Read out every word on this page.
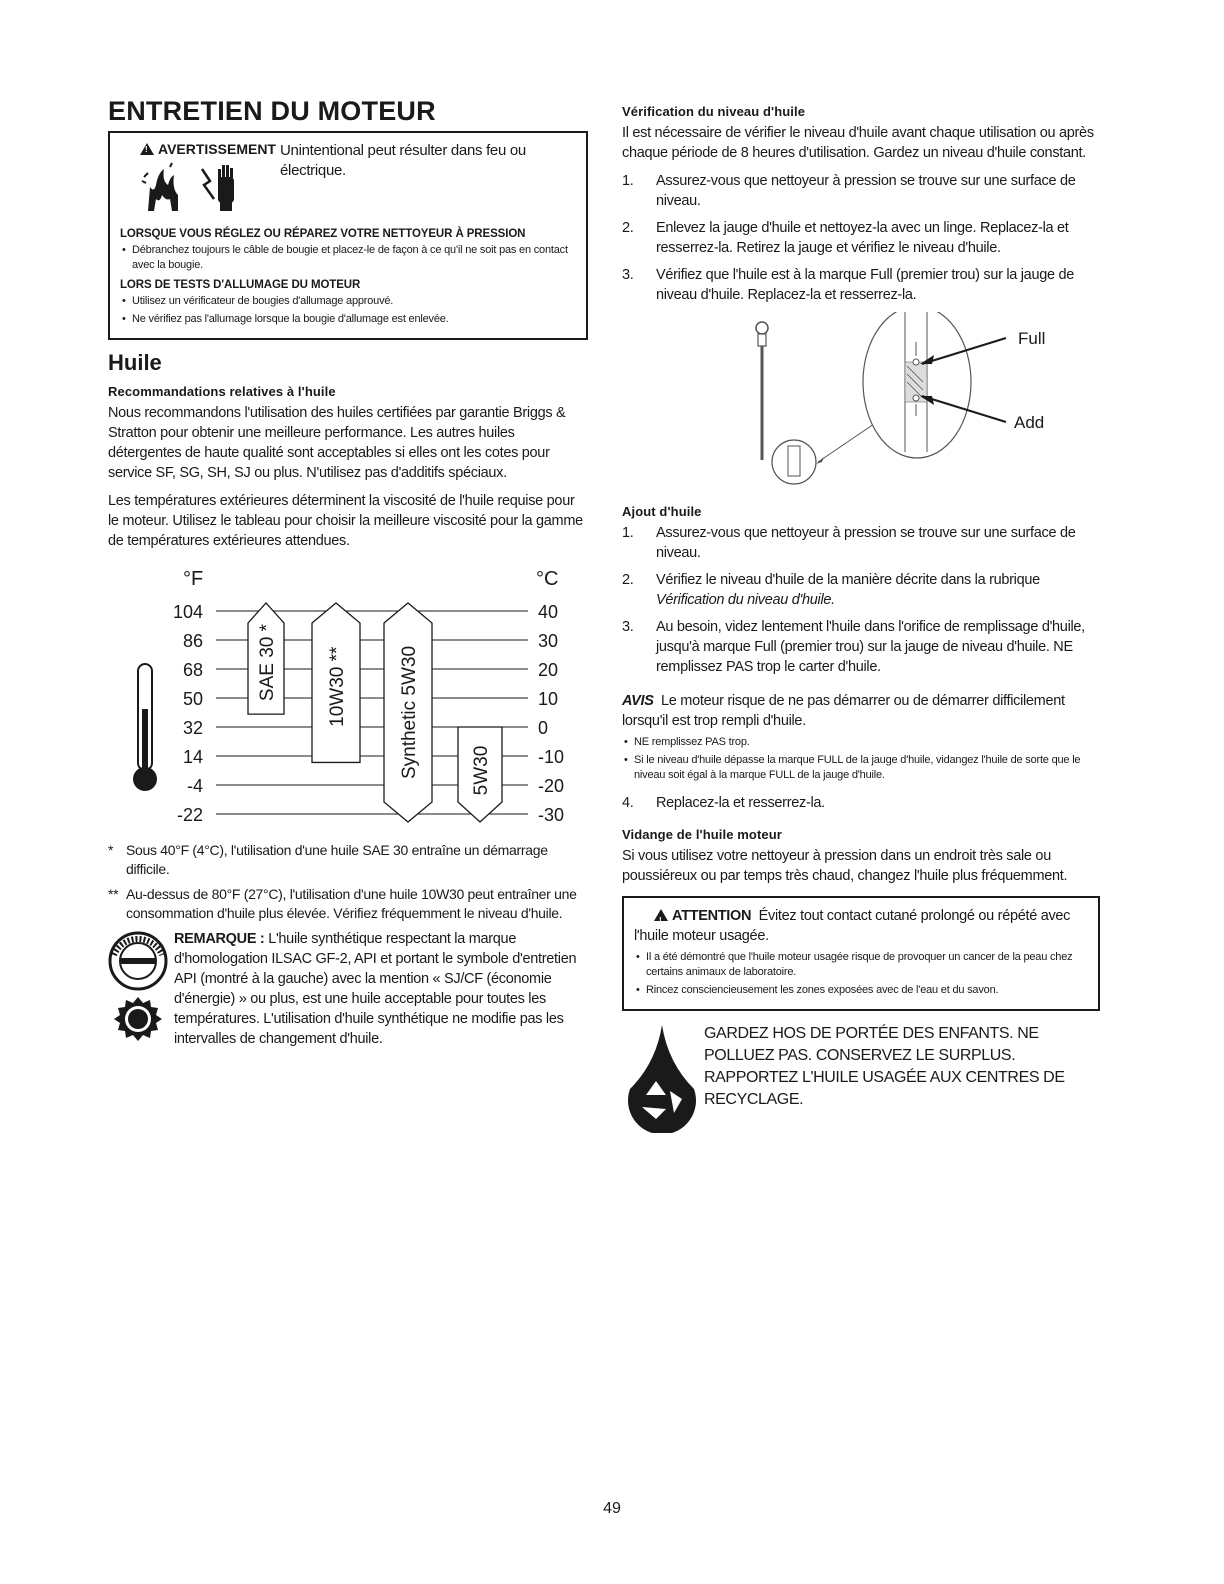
ENTRETIEN DU MOTEUR
!AVERTISSEMENT Unintentional peut résulter dans feu ou
électrique.
LORSQUE VOUS RÉGLEZ OU RÉPAREZ VOTRE NETTOYEUR À PRESSION
• Débranchez toujours le câble de bougie et placez-le de façon à ce qu'il ne soit pas en contact avec la bougie.
LORS DE TESTS D'ALLUMAGE DU MOTEUR
• Utilisez un vérificateur de bougies d'allumage approuvé.
• Ne vérifiez pas l'allumage lorsque la bougie d'allumage est enlevée.
Huile
Recommandations relatives à l'huile

Nous recommandons l'utilisation des huiles certifiées par garantie Briggs & Stratton pour obtenir une meilleure performance. Les autres huiles détergentes de haute qualité sont acceptables si elles ont les cotes pour service SF, SG, SH, SJ ou plus. N'utilisez pas d'additifs spéciaux.

Les températures extérieures déterminent la viscosité de l'huile requise pour le moteur. Utilisez le tableau pour choisir la meilleure viscosité pour la gamme de températures extérieures attendues.

°F	°C
104	40
86	30
68	20
50	10
32	0
14	-10
-4	-20
-22	-30
SAE 30 *	10W30 **	Synthetic 5W30	5W30
* Sous 40°F (4°C), l'utilisation d'une huile SAE 30 entraîne un démarrage difficile.
** Au-dessus de 80°F (27°C), l'utilisation d'une huile 10W30 peut entraîner une consommation d'huile plus élevée. Vérifiez fréquemment le niveau d'huile.

REMARQUE : L'huile synthétique respectant la marque d'homologation ILSAC GF-2, API et portant le symbole d'entretien API (montré à la gauche) avec la mention « SJ/CF (économie d'énergie) » ou plus, est une huile acceptable pour toutes les températures. L'utilisation d'huile synthétique ne modifie pas les intervalles de changement d'huile.

Vérification du niveau d'huile

Il est nécessaire de vérifier le niveau d'huile avant chaque utilisation ou après chaque période de 8 heures d'utilisation. Gardez un niveau d'huile constant.

1.	Assurez-vous que nettoyeur à pression se trouve sur une surface de niveau.
2.	Enlevez la jauge d'huile et nettoyez-la avec un linge. Replacez-la et resserrez-la. Retirez la jauge et vérifiez le niveau d'huile.
3.	Vérifiez que l'huile est à la marque Full (premier trou) sur la jauge de niveau d'huile. Replacez-la et resserrez-la.
Full
Add
Ajout d'huile
1.	Assurez-vous que nettoyeur à pression se trouve sur une surface de niveau.
2.	Vérifiez le niveau d'huile de la manière décrite dans la rubrique
Vérification du niveau d'huile.
3.	Au besoin, videz lentement l'huile dans l'orifice de remplissage d'huile, jusqu'à marque Full (premier trou) sur la jauge de niveau d'huile. NE remplissez PAS trop le carter d'huile.

AVIS Le moteur risque de ne pas démarrer ou de démarrer difficilement lorsqu'il est trop rempli d'huile.

• NE remplissez PAS trop.
• Si le niveau d'huile dépasse la marque FULL de la jauge d'huile, vidangez l'huile de sorte que le niveau soit égal à la marque FULL de la jauge d'huile.
4.	Replacez-la et resserrez-la.
Vidange de l'huile moteur

Si vous utilisez votre nettoyeur à pression dans un endroit très sale ou poussiéreux ou par temps très chaud, changez l'huile plus fréquemment.

!ATTENTION Évitez tout contact cutané prolongé ou répété avec l'huile moteur usagée.

• Il a été démontré que l'huile moteur usagée risque de provoquer un cancer de la peau chez certains animaux de laboratoire.
• Rincez consciencieusement les zones exposées avec de l'eau et du savon.
Oil
GARDEZ HOS DE PORTÉE DES ENFANTS. NE POLLUEZ PAS. CONSERVEZ LE SURPLUS. RAPPORTEZ L'HUILE USAGÉE AUX CENTRES DE RECYCLAGE.
49
